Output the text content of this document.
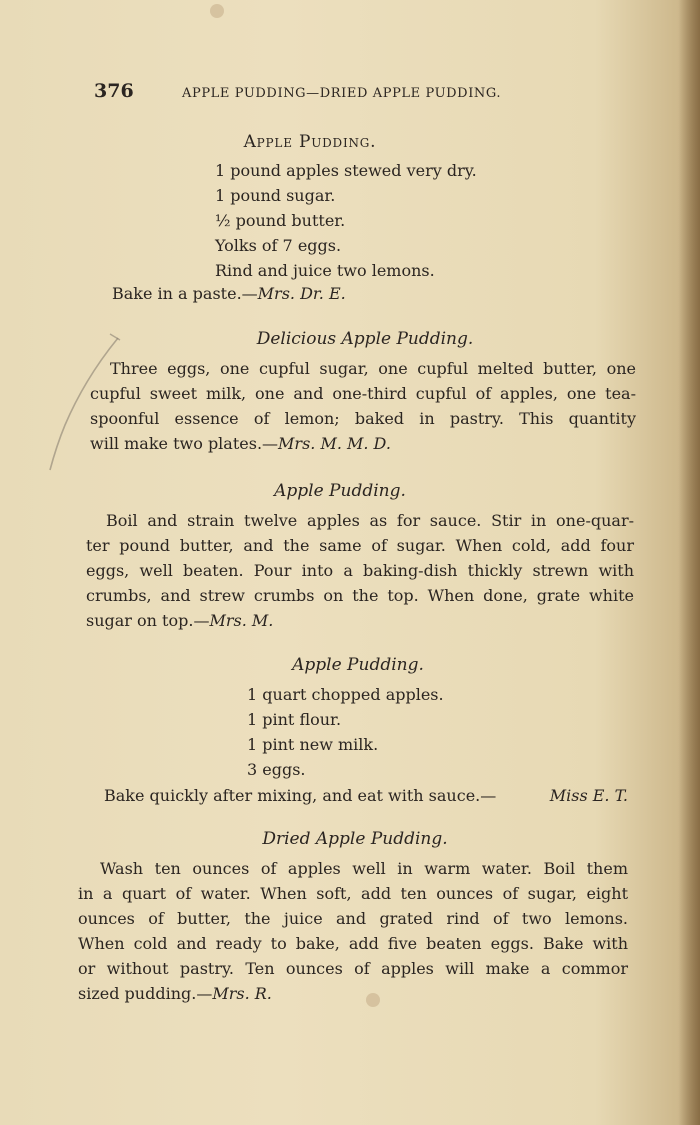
376	APPLE PUDDING—DRIED APPLE PUDDING.
Apple Pudding.
1 pound apples stewed very dry.
1 pound sugar.
½ pound butter.
Yolks of 7 eggs.
Rind and juice two lemons.
Bake in a paste.—Mrs. Dr. E.
Delicious Apple Pudding.
Three eggs, one cupful sugar, one cupful melted butter, one
cupful sweet milk, one and one-third cupful of apples, one tea-
spoonful essence of lemon; baked in pastry. This quantity
will make two plates.—Mrs. M. M. D.
Apple Pudding.
Boil and strain twelve apples as for sauce. Stir in one-quar-
ter pound butter, and the same of sugar. When cold, add four
eggs, well beaten. Pour into a baking-dish thickly strewn with
crumbs, and strew crumbs on the top. When done, grate white
sugar on top.—Mrs. M.
Apple Pudding.
1 quart chopped apples.
1 pint flour.
1 pint new milk.
3 eggs.
Bake quickly after mixing, and eat with sauce.—	Miss E. T.
Dried Apple Pudding.
Wash ten ounces of apples well in warm water. Boil them
in a quart of water. When soft, add ten ounces of sugar, eight
ounces of butter, the juice and grated rind of two lemons.
When cold and ready to bake, add five beaten eggs. Bake with
or without pastry. Ten ounces of apples will make a commor
sized pudding.—Mrs. R.
